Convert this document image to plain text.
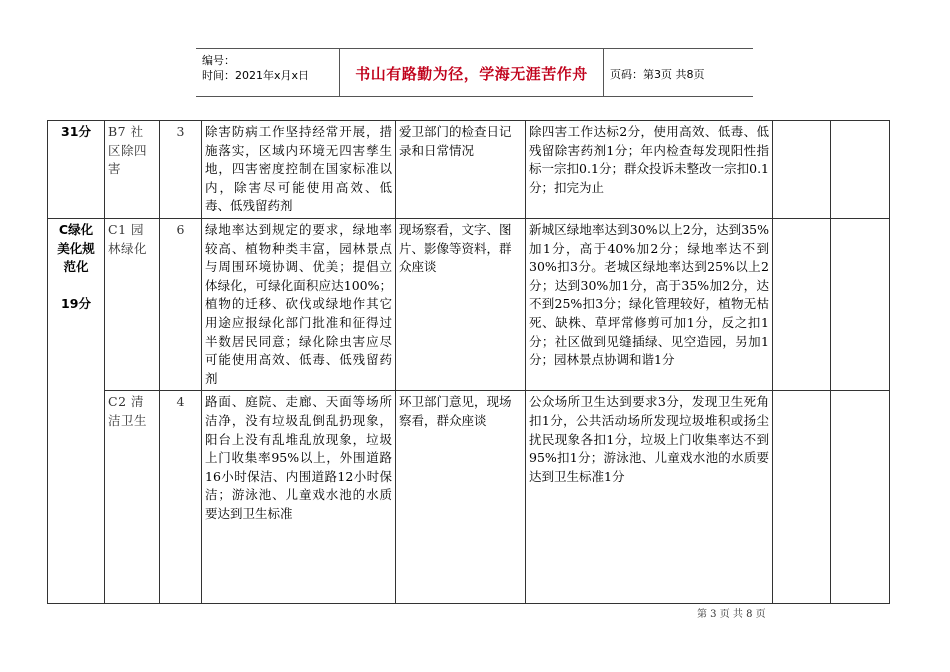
编号：
时间：2021年x月x日	书山有路勤为径，学海无涯苦作舟	页码：第3页 共8页
31分	B7 社区除四害	3	除害防病工作坚持经常开展，措施落实，区域内环境无四害孳生地，四害密度控制在国家标准以内，除害尽可能使用高效、低毒、低残留药剂	爱卫部门的检查日记录和日常情况	除四害工作达标2分，使用高效、低毒、低残留除害药剂1分；年内检查每发现阳性指标一宗扣0.1分；群众投诉未整改一宗扣0.1分；扣完为止		

C绿化
美化规
范化

19分	C1 园林绿化	6	绿地率达到规定的要求，绿地率较高、植物种类丰富，园林景点与周围环境协调、优美；提倡立体绿化，可绿化面积应达100%；植物的迁移、砍伐或绿地作其它用途应报绿化部门批准和征得过半数居民同意；绿化除虫害应尽可能使用高效、低毒、低残留药剂	现场察看，文字、图片、影像等资料，群众座谈	新城区绿地率达到30%以上2分，达到35%加1分，高于40%加2分；绿地率达不到30%扣3分。老城区绿地率达到25%以上2分；达到30%加1分，高于35%加2分，达不到25%扣3分；绿化管理较好，植物无枯死、缺株、草坪常修剪可加1分，反之扣1分；社区做到见缝插绿、见空造园，另加1分；园林景点协调和谐1分		
	C2 清洁卫生	4	路面、庭院、走廊、天面等场所洁净，没有垃圾乱倒乱扔现象，阳台上没有乱堆乱放现象，垃圾上门收集率95%以上，外围道路16小时保洁、内围道路12小时保洁；游泳池、儿童戏水池的水质要达到卫生标准	环卫部门意见，现场察看，群众座谈	公众场所卫生达到要求3分，发现卫生死角扣1分，公共活动场所发现垃圾堆积或扬尘扰民现象各扣1分，垃圾上门收集率达不到95%扣1分；游泳池、儿童戏水池的水质要达到卫生标准1分		
第 3 页 共 8 页
